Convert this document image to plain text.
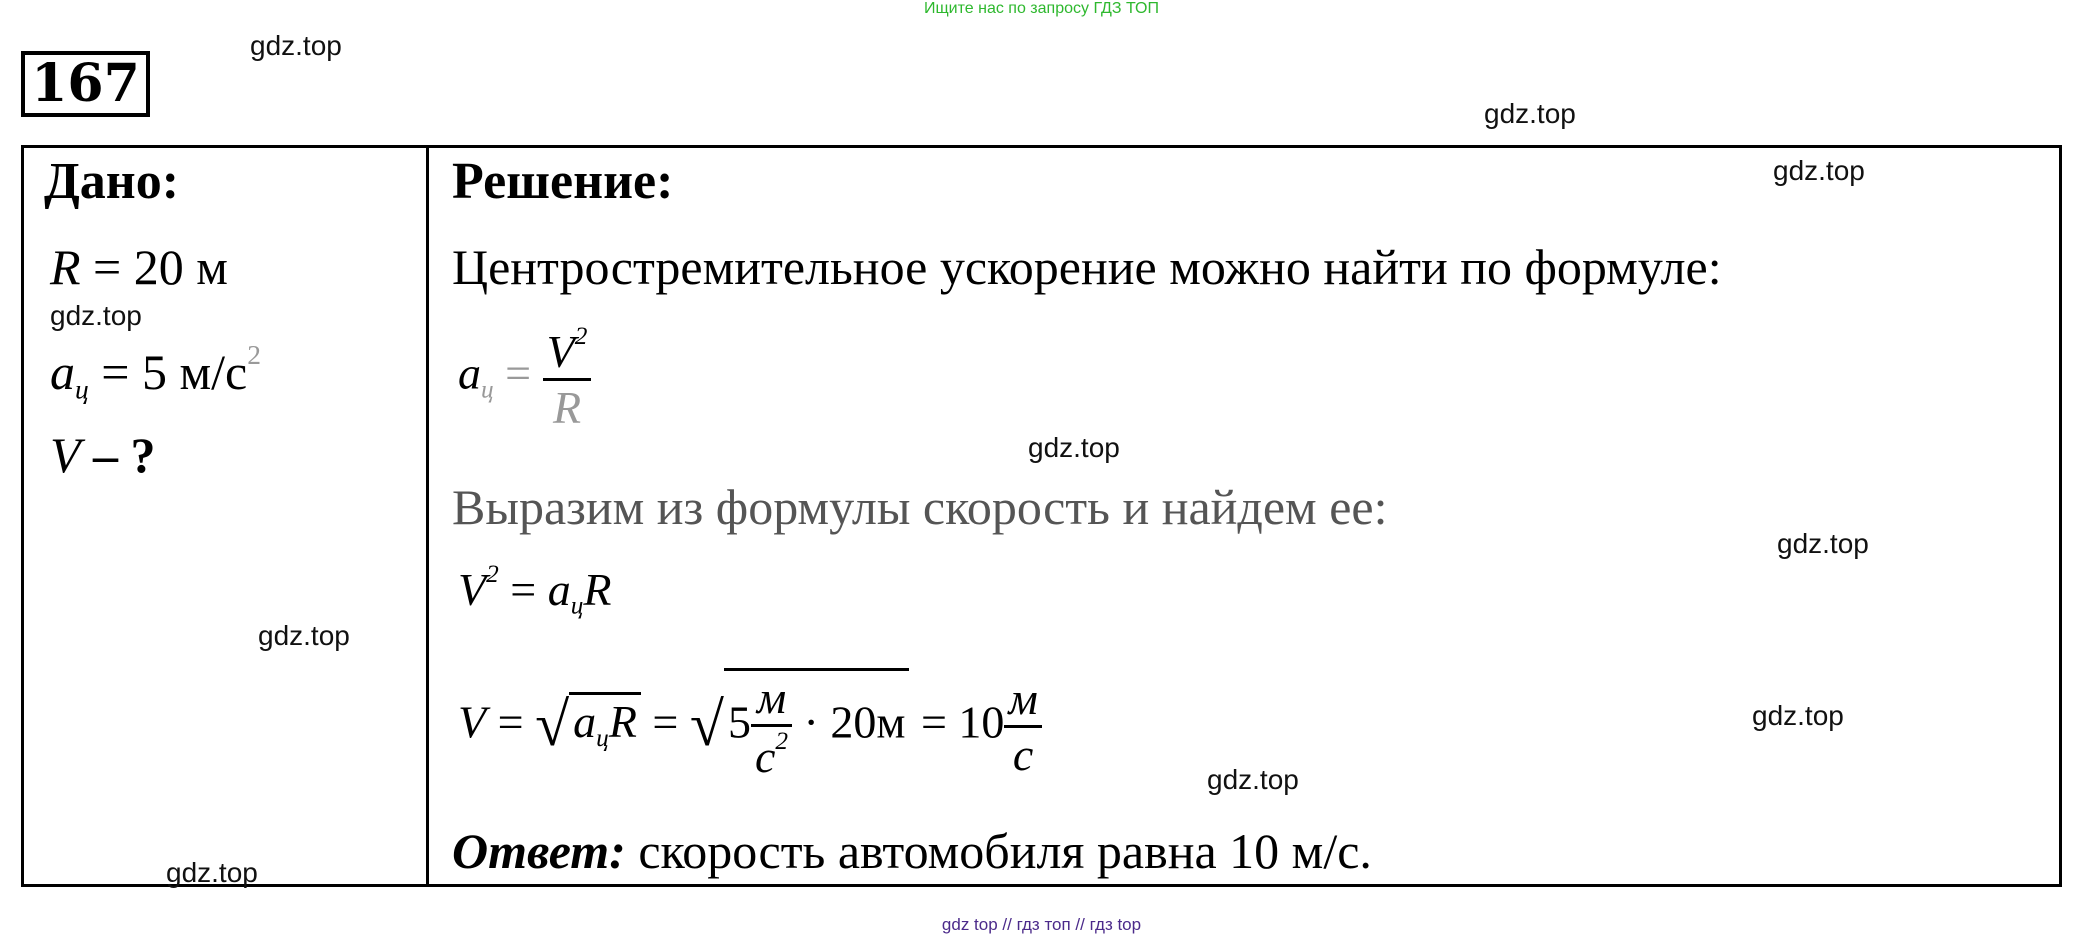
Ищите нас по запросу ГДЗ ТОП
167
Дано:
R = 20 м
$a_ц = 5$ $м/с^2$
V – ?
Решение:
Центростремительное ускорение можно найти по формуле:
$a_ц = \frac{V^2}{R}$
Выразим из формулы скорость и найдем ее:
$V^2 = a_цR$
$V = √a_цR = √5 \frac{м}{с^2} \cdot 20м = 10 \frac{м}{с}$
Ответ: скорость автомобиля равна 10 м/с.
gdz.top
gdz.top
gdz.top
gdz.top
gdz.top
gdz.top
gdz.top
gdz.top
gdz.top
gdz.top
gdz top // гдз топ // гдз top
